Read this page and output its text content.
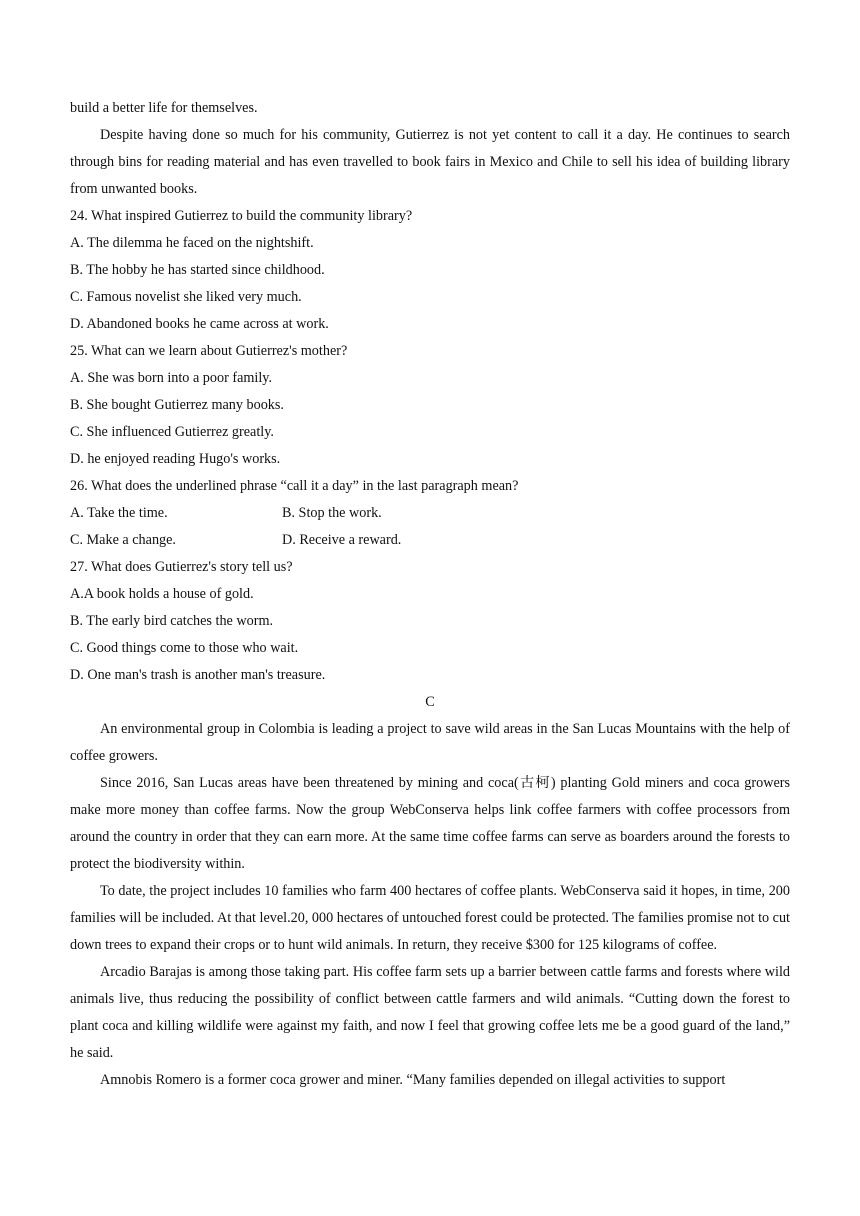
build a better life for themselves.

Despite having done so much for his community, Gutierrez is not yet content to call it a day. He continues to search through bins for reading material and has even travelled to book fairs in Mexico and Chile to sell his idea of building library from unwanted books.

24. What inspired Gutierrez to build the community library?

A. The dilemma he faced on the nightshift.

B. The hobby he has started since childhood.

C. Famous novelist she liked very much.

D. Abandoned books he came across at work.

25. What can we learn about Gutierrez's mother?

A. She was born into a poor family.

B. She bought Gutierrez many books.

C. She influenced Gutierrez greatly.

D. he enjoyed reading Hugo's works.

26. What does the underlined phrase “call it a day” in the last paragraph mean?

A. Take the time.	B. Stop the work.
C. Make a change.	D. Receive a reward.

27. What does Gutierrez's story tell us?

A.A book holds a house of gold.

B. The early bird catches the worm.

C. Good things come to those who wait.

D. One man's trash is another man's treasure.

C

An environmental group in Colombia is leading a project to save wild areas in the San Lucas Mountains with the help of coffee growers.

Since 2016, San Lucas areas have been threatened by mining and coca(古柯) planting Gold miners and coca growers make more money than coffee farms. Now the group WebConserva helps link coffee farmers with coffee processors from around the country in order that they can earn more. At the same time coffee farms can serve as boarders around the forests to protect the biodiversity within.

To date, the project includes 10 families who farm 400 hectares of coffee plants. WebConserva said it hopes, in time, 200 families will be included. At that level.20, 000 hectares of untouched forest could be protected. The families promise not to cut down trees to expand their crops or to hunt wild animals. In return, they receive $300 for 125 kilograms of coffee.

Arcadio Barajas is among those taking part. His coffee farm sets up a barrier between cattle farms and forests where wild animals live, thus reducing the possibility of conflict between cattle farmers and wild animals. “Cutting down the forest to plant coca and killing wildlife were against my faith, and now I feel that growing coffee lets me be a good guard of the land,” he said.

Amnobis Romero is a former coca grower and miner. “Many families depended on illegal activities to support
